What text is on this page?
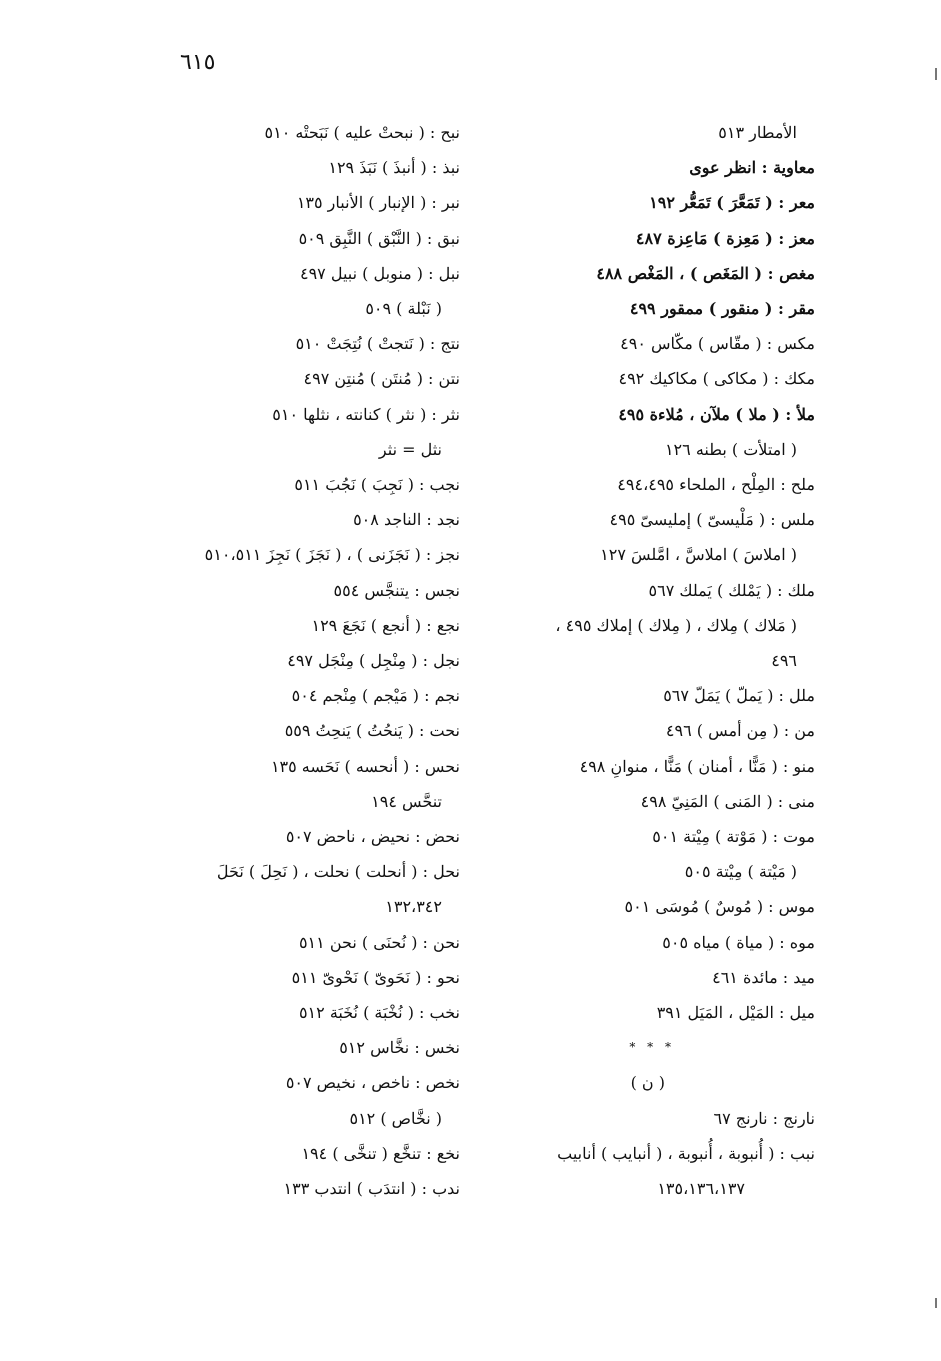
٦١٥
الأمطار ٥١٣
معاوية : انظر عوى
معر : ( تَمَعَّرَ ) تَمَعُّر ١٩٢
معز : ( مَعِزة ) مَاعِزة ٤٨٧
مغص : ( المَغَص ) ، المَغْص ٤٨٨
مقر : ( منقور ) ممقور ٤٩٩
مكس : ( مقّاس ) مكّاس ٤٩٠
مكك : ( مكاكى ) مكاكيك ٤٩٢
ملأ : ( ملا ) ملآن ، مُلاءة ٤٩٥
( امتلأت ) بطنه ١٢٦
ملح : المِلْح ، الملحاء ٤٩٤،٤٩٥
ملس : ( مَلْيسىّ ) إمليسىّ ٤٩٥
( املاسَ ) املاسَّ ، امَّلسَ ١٢٧
ملك : ( يَمْلك ) يَملك ٥٦٧
( مَلاك ) مِلاك ، ( مِلاك ) إملاك ٤٩٥ ،
٤٩٦
ملل : ( يَملّ ) يَمَلّ ٥٦٧
من : ( مِن أمس ) ٤٩٦
منو : ( مَنًّا ، أمنان ) مَنًّا ، منوانِ ٤٩٨
منى : ( المَنى ) المَنِيّ ٤٩٨
موت : ( مَوْتة ) مِيْتة ٥٠١
( مَيْتة ) مِيْتة ٥٠٥
موس : ( مُوسٌ ) مُوسَى ٥٠١
موه : ( مياة ) مياه ٥٠٥
ميد : مائدة ٤٦١
ميل : المَيْل ، المَيَل ٣٩١
* * *
( ن )
نارنج : نارنج ٦٧
نبب : ( أُنبوبة ، أُنبوبة ، ( أنبايب ) أنابيب
١٣٥،١٣٦،١٣٧
نبح : ( نبحتْ عليه ) نَبَحتْه ٥١٠
نبذ : ( أنبذَ ) نَبَذَ ١٢٩
نبر : ( الإنبار ) الأنبار ١٣٥
نبق : ( النَّبْق ) النَّبِق ٥٠٩
نبل : ( منوبل ) نبيل ٤٩٧
( نَبْلة ) ٥٠٩
نتج : ( نَتجتْ ) نُتِجَتْ ٥١٠
نتن : ( مُنتَن ) مُنتِن ٤٩٧
نثر : ( نثر ) كنانته ، نثلها ٥١٠
نثل = نثر
نجب : ( نَجِبَ ) نَجُبَ ٥١١
نجد : الناجد ٥٠٨
نجز : ( نَجَزَنى ) ، ( نَجَزَ ) نَجِزَ ٥١٠،٥١١
نجس : يتنجَّس ٥٥٤
نجع : ( أنجع ) نَجَعَ ١٢٩
نجل : ( مِنْجِل ) مِنْجَل ٤٩٧
نجم : ( مَيْجم ) مِنْجم ٥٠٤
نحت : ( يَنحُتُ ) يَنحِتُ ٥٥٩
نحس : ( أنحسه ) نَحَسه ١٣٥
تنحَّس ١٩٤
نحض : نحيض ، ناحض ٥٠٧
نحل : ( أنحلت ) نحلت ، ( نَحِلَ ) نَحَلَ
١٣٢،٣٤٢
نحن : ( نُحنَى ) نحن ٥١١
نحو : ( نَحَوىّ ) نَحْوىّ ٥١١
نخب : ( نُخْبَة ) نُخَبَة ٥١٢
نخس : نخَّاس ٥١٢
نخص : ناخص ، نخيص ٥٠٧
( نخَّاص ) ٥١٢
نخع : تنخَّع ( تنخَّى ) ١٩٤
ندب : ( انتدَب ) انتدب ١٣٣
